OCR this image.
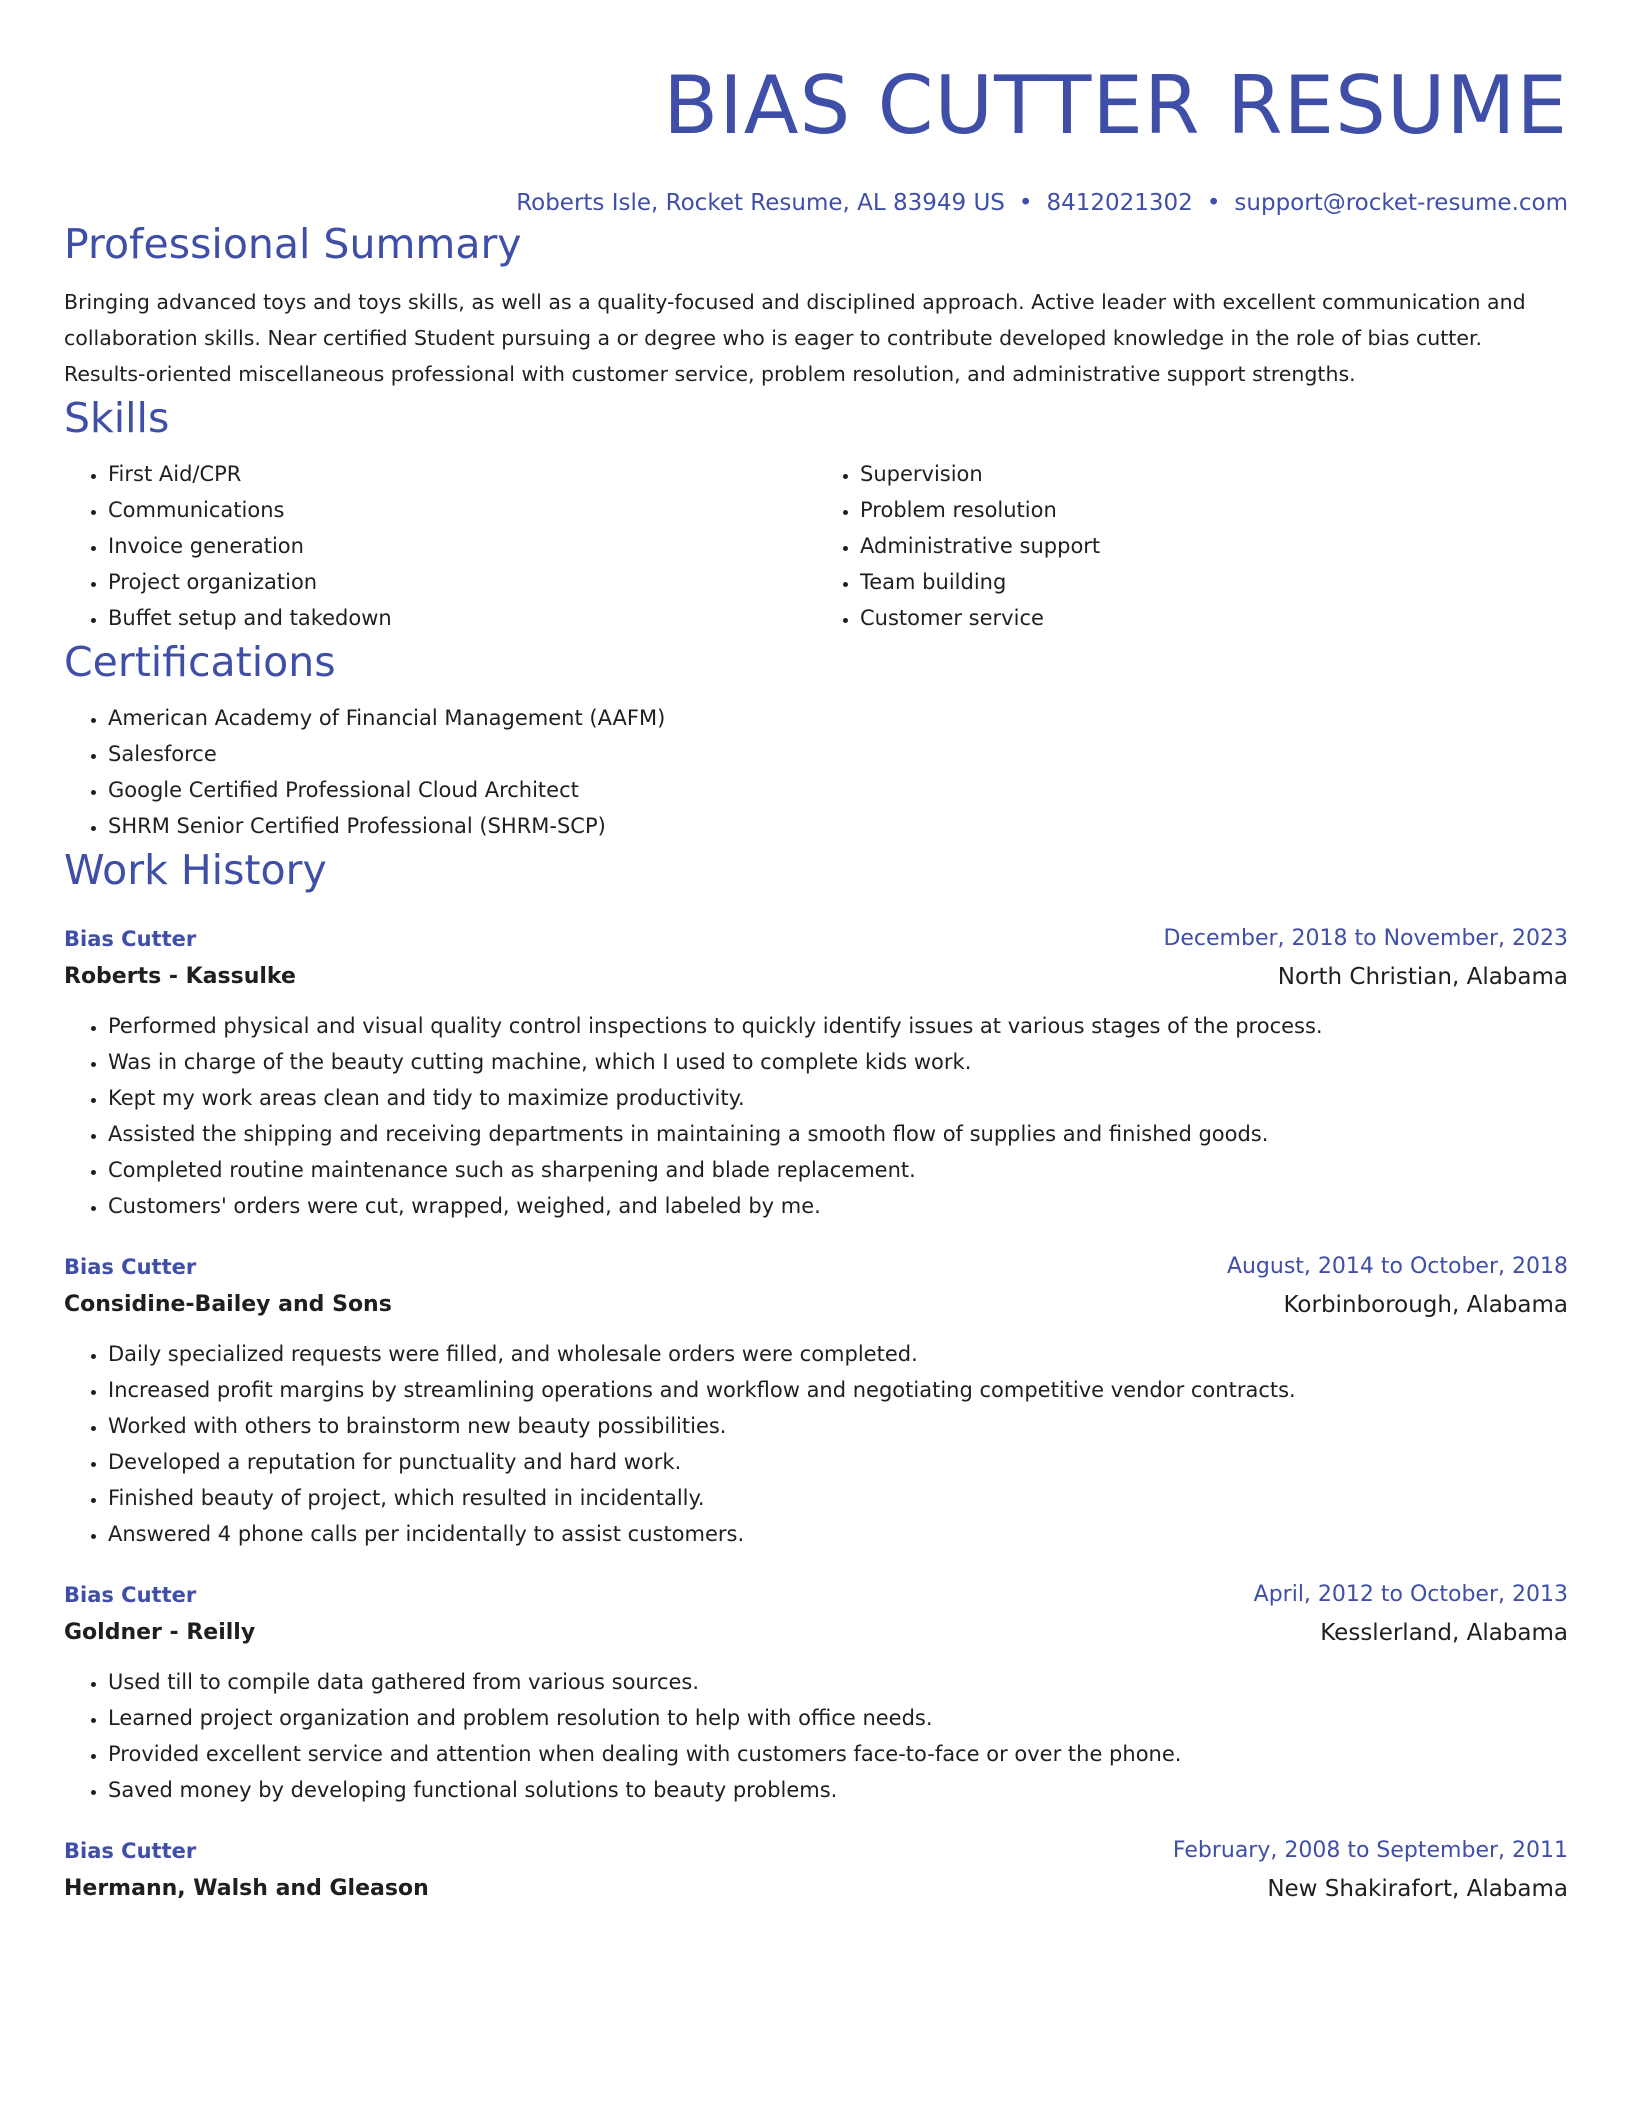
BIAS CUTTER RESUME
Roberts Isle, Rocket Resume, AL 83949 US • 8412021302 • support@rocket-resume.com
Professional Summary

Bringing advanced toys and toys skills, as well as a quality-focused and disciplined approach. Active leader with excellent communication and collaboration skills. Near certified Student pursuing a or degree who is eager to contribute developed knowledge in the role of bias cutter. Results-oriented miscellaneous professional with customer service, problem resolution, and administrative support strengths.

Skills
• First Aid/CPR
• Communications
• Invoice generation
• Project organization
• Buffet setup and takedown
• Supervision
• Problem resolution
• Administrative support
• Team building
• Customer service
Certifications
• American Academy of Financial Management (AAFM)
• Salesforce
• Google Certified Professional Cloud Architect
• SHRM Senior Certified Professional (SHRM-SCP)
Work History
Bias Cutter	December, 2018 to November, 2023
Roberts - Kassulke	North Christian, Alabama
• Performed physical and visual quality control inspections to quickly identify issues at various stages of the process.
• Was in charge of the beauty cutting machine, which I used to complete kids work.
• Kept my work areas clean and tidy to maximize productivity.
• Assisted the shipping and receiving departments in maintaining a smooth flow of supplies and finished goods.
• Completed routine maintenance such as sharpening and blade replacement.
• Customers' orders were cut, wrapped, weighed, and labeled by me.
Bias Cutter	August, 2014 to October, 2018
Considine-Bailey and Sons	Korbinborough, Alabama
• Daily specialized requests were filled, and wholesale orders were completed.
• Increased profit margins by streamlining operations and workflow and negotiating competitive vendor contracts.
• Worked with others to brainstorm new beauty possibilities.
• Developed a reputation for punctuality and hard work.
• Finished beauty of project, which resulted in incidentally.
• Answered 4 phone calls per incidentally to assist customers.
Bias Cutter	April, 2012 to October, 2013
Goldner - Reilly	Kesslerland, Alabama
• Used till to compile data gathered from various sources.
• Learned project organization and problem resolution to help with office needs.
• Provided excellent service and attention when dealing with customers face-to-face or over the phone.
• Saved money by developing functional solutions to beauty problems.
Bias Cutter	February, 2008 to September, 2011
Hermann, Walsh and Gleason	New Shakirafort, Alabama
